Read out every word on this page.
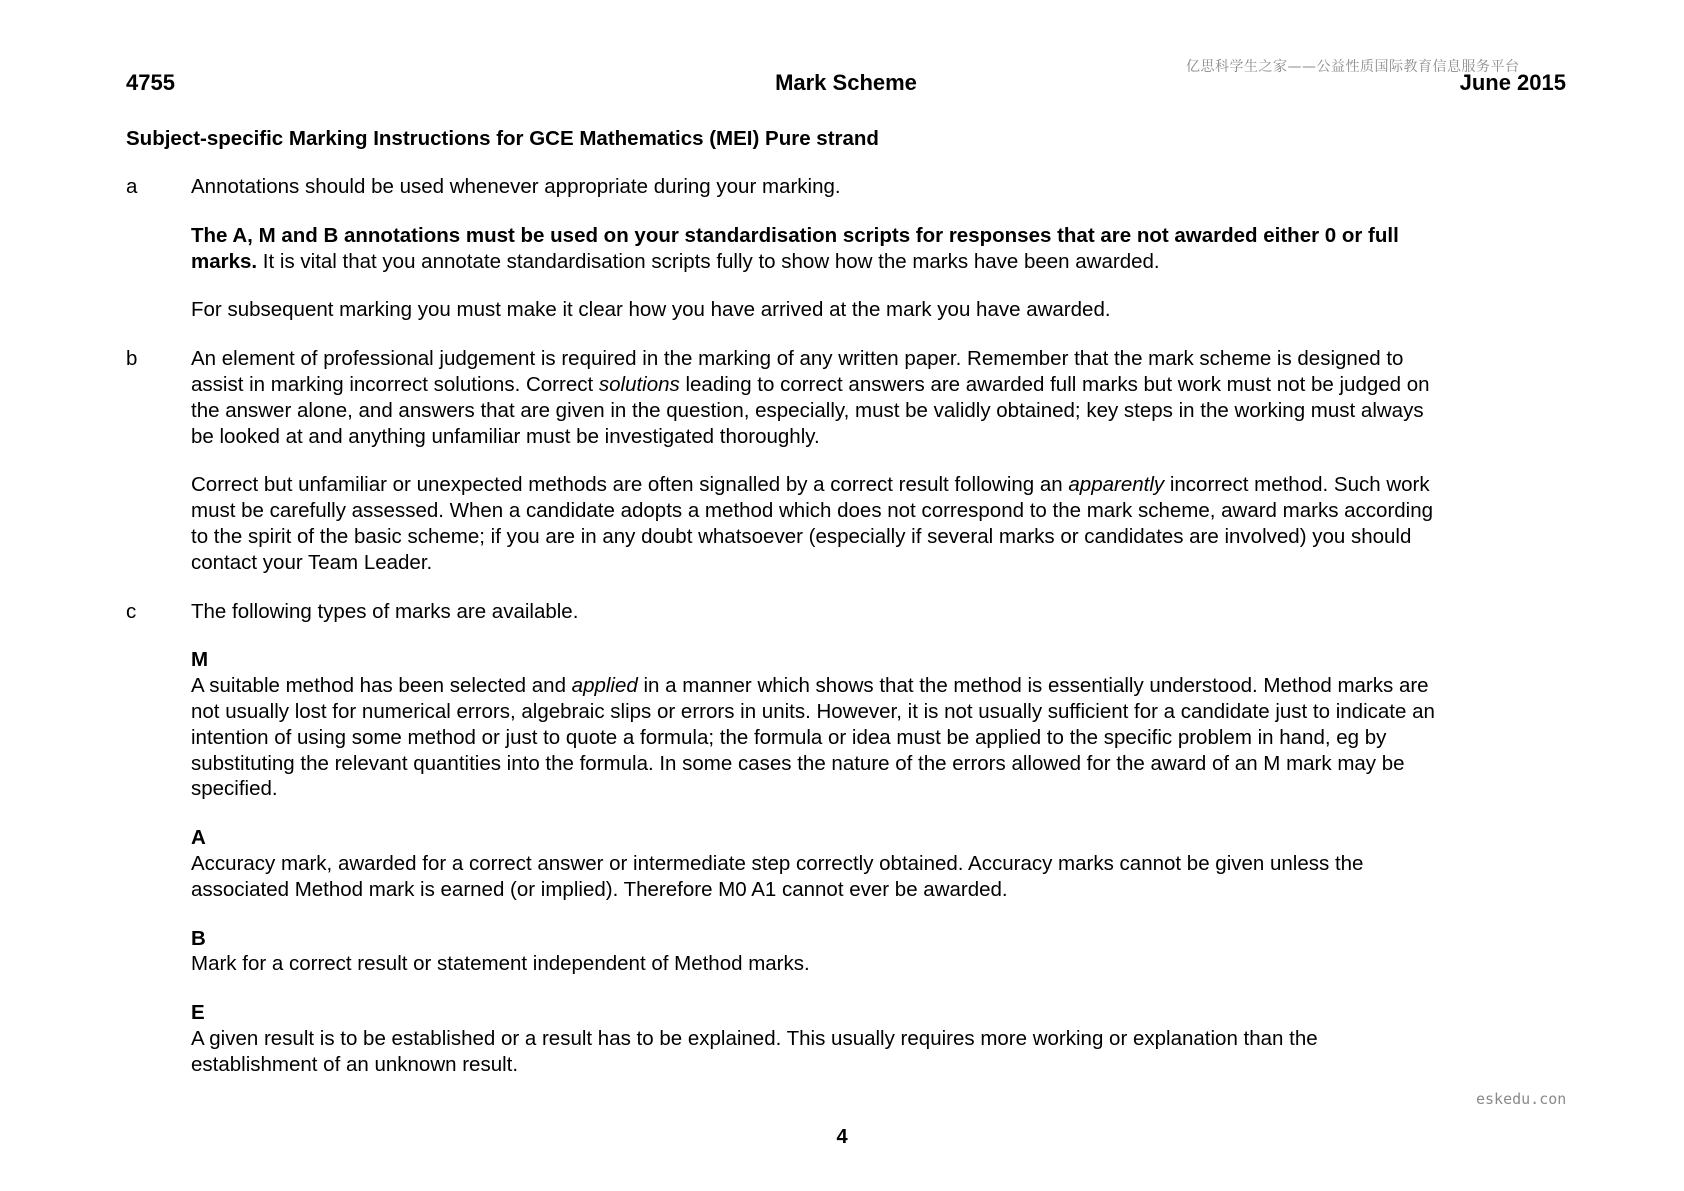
亿思科学生之家——公益性质国际教育信息服务平台
4755	Mark Scheme	June 2015
Subject-specific Marking Instructions for GCE Mathematics (MEI) Pure strand
a	Annotations should be used whenever appropriate during your marking.

The A, M and B annotations must be used on your standardisation scripts for responses that are not awarded either 0 or full marks. It is vital that you annotate standardisation scripts fully to show how the marks have been awarded.

For subsequent marking you must make it clear how you have arrived at the mark you have awarded.

b	An element of professional judgement is required in the marking of any written paper. Remember that the mark scheme is designed to assist in marking incorrect solutions. Correct solutions leading to correct answers are awarded full marks but work must not be judged on the answer alone, and answers that are given in the question, especially, must be validly obtained; key steps in the working must always be looked at and anything unfamiliar must be investigated thoroughly.

Correct but unfamiliar or unexpected methods are often signalled by a correct result following an apparently incorrect method. Such work must be carefully assessed. When a candidate adopts a method which does not correspond to the mark scheme, award marks according to the spirit of the basic scheme; if you are in any doubt whatsoever (especially if several marks or candidates are involved) you should contact your Team Leader.

c	The following types of marks are available.

M
A suitable method has been selected and applied in a manner which shows that the method is essentially understood. Method marks are not usually lost for numerical errors, algebraic slips or errors in units. However, it is not usually sufficient for a candidate just to indicate an intention of using some method or just to quote a formula; the formula or idea must be applied to the specific problem in hand, eg by substituting the relevant quantities into the formula. In some cases the nature of the errors allowed for the award of an M mark may be specified.
A
Accuracy mark, awarded for a correct answer or intermediate step correctly obtained. Accuracy marks cannot be given unless the associated Method mark is earned (or implied). Therefore M0 A1 cannot ever be awarded.
B
Mark for a correct result or statement independent of Method marks.
E
A given result is to be established or a result has to be explained. This usually requires more working or explanation than the establishment of an unknown result.
eskedu.con
4
